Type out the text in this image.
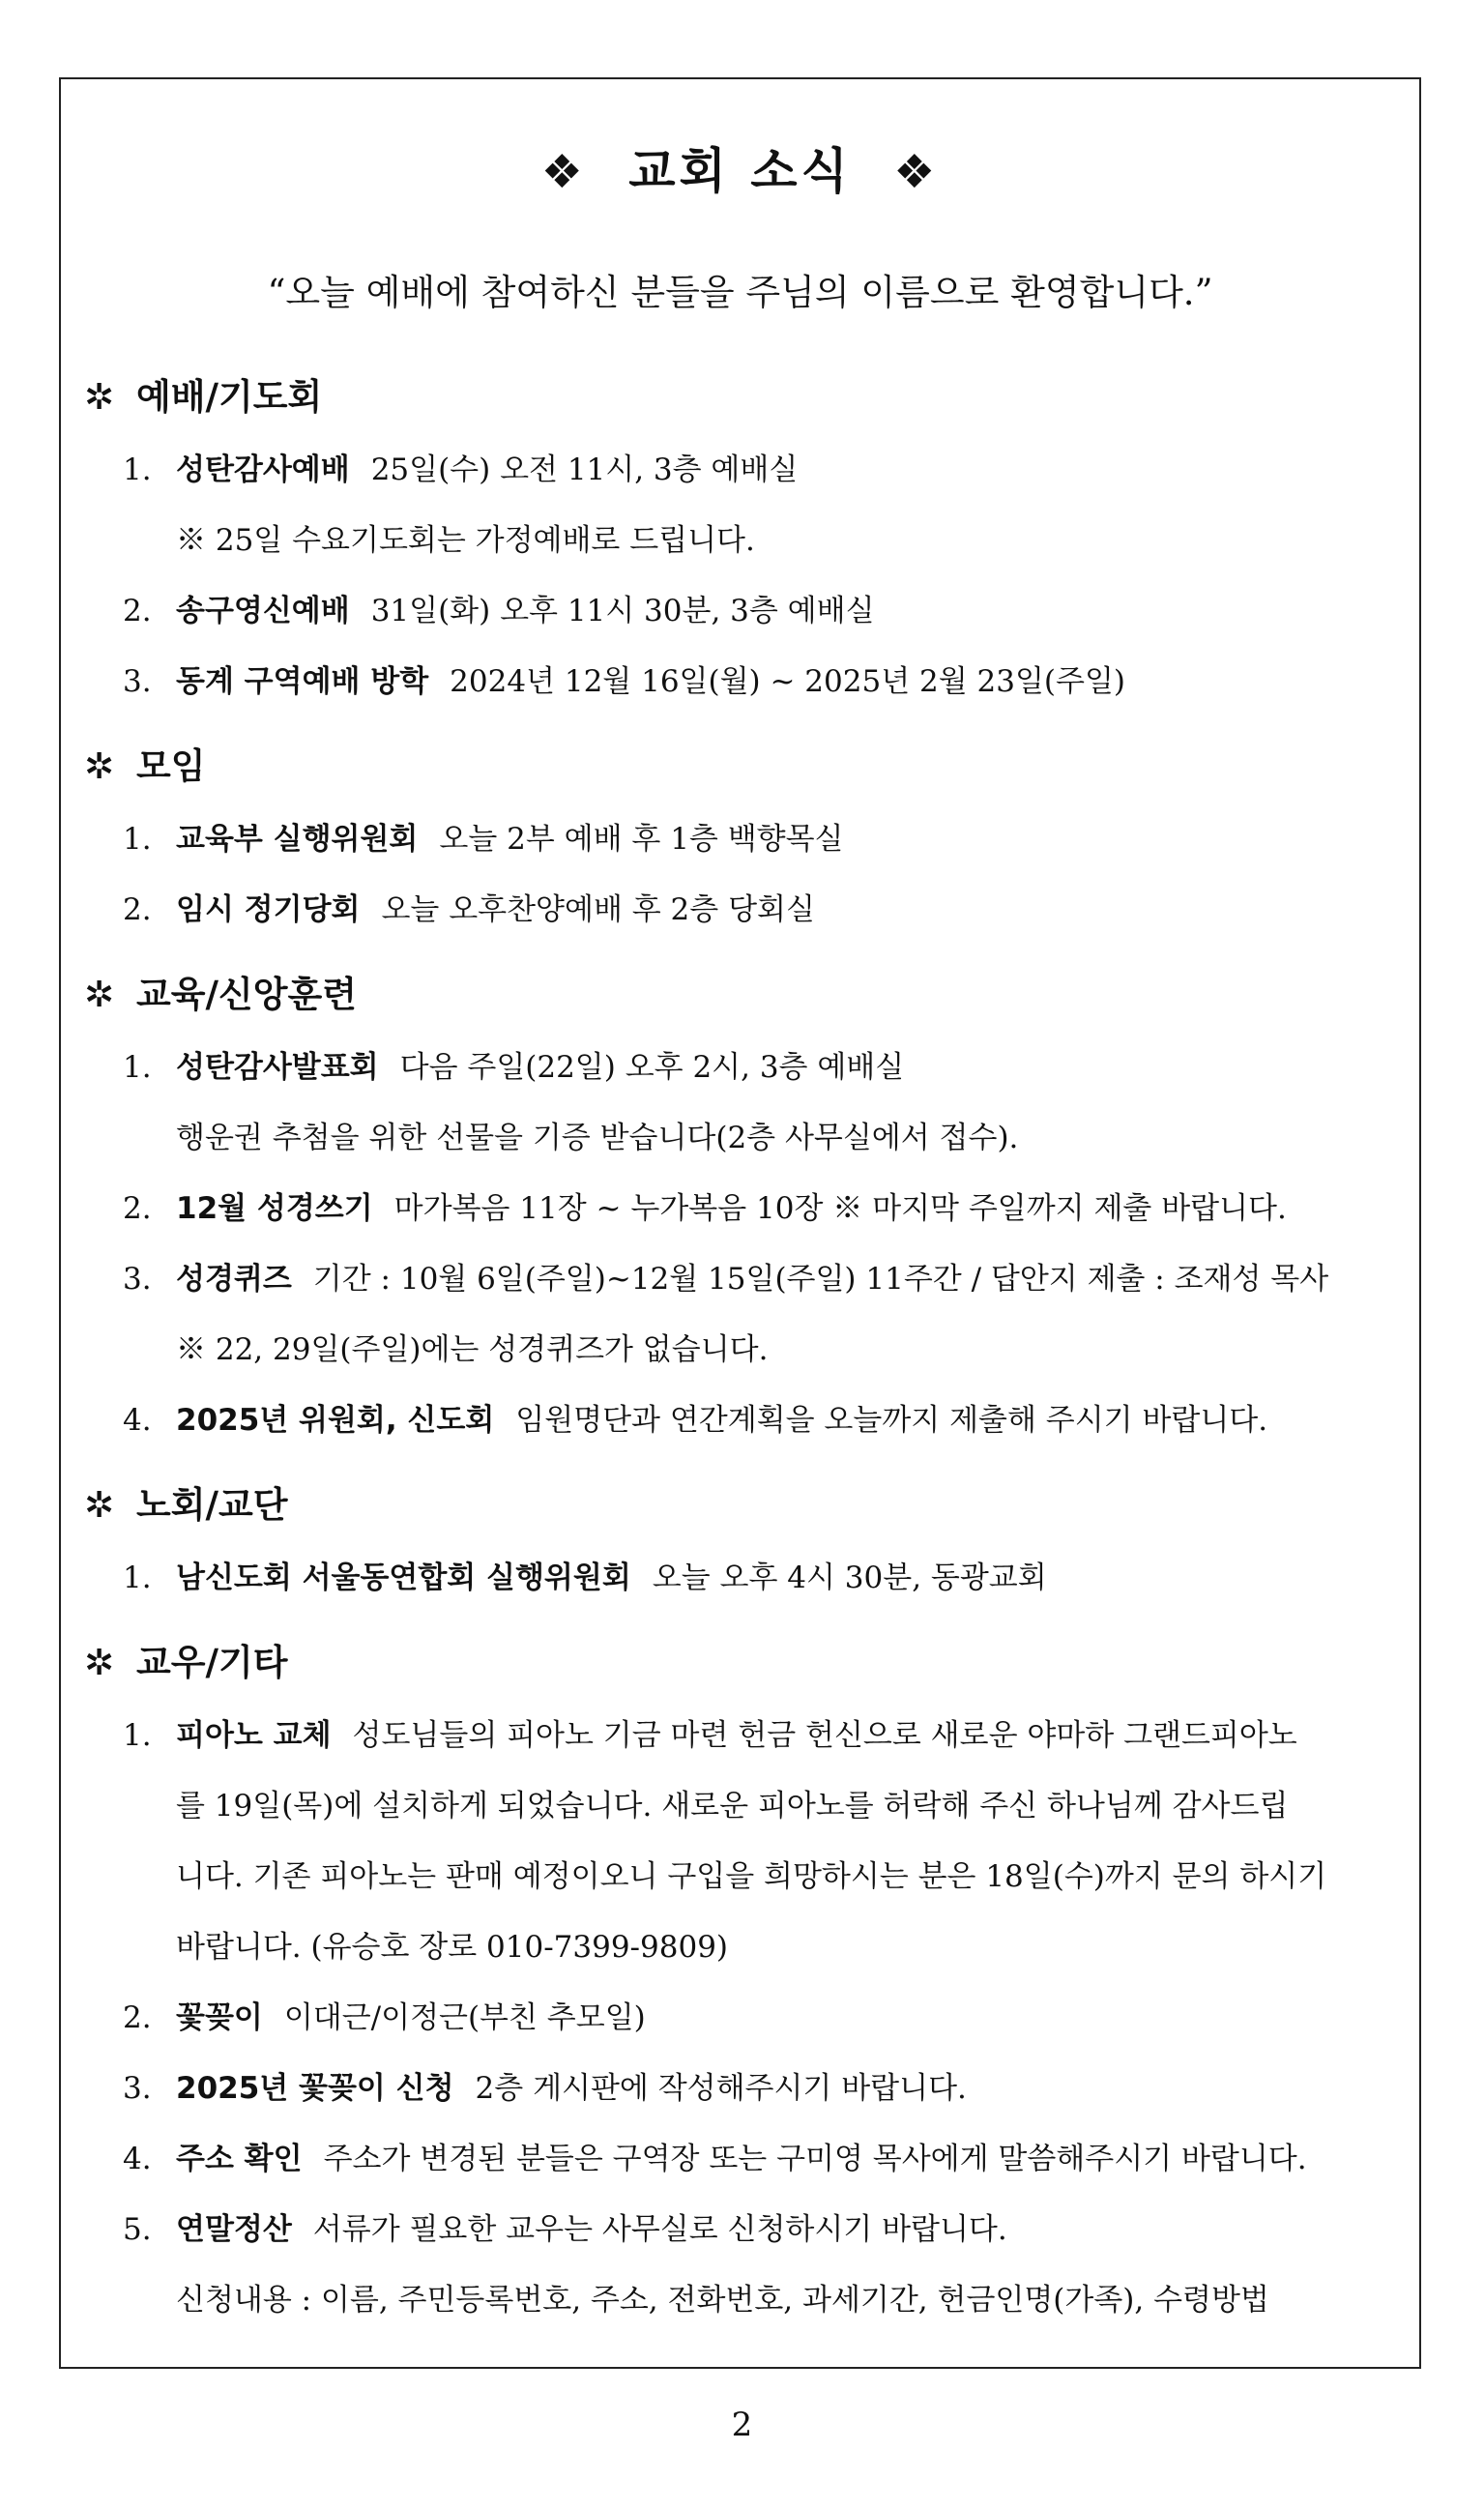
❖ 교회 소식 ❖
“오늘 예배에 참여하신 분들을 주님의 이름으로 환영합니다.”
✲ 예배/기도회
1. 성탄감사예배 25일(수) 오전 11시, 3층 예배실
※ 25일 수요기도회는 가정예배로 드립니다.
2. 송구영신예배 31일(화) 오후 11시 30분, 3층 예배실
3. 동계 구역예배 방학 2024년 12월 16일(월) ~ 2025년 2월 23일(주일)
✲ 모임
1. 교육부 실행위원회 오늘 2부 예배 후 1층 백향목실
2. 임시 정기당회 오늘 오후찬양예배 후 2층 당회실
✲ 교육/신앙훈련
1. 성탄감사발표회 다음 주일(22일) 오후 2시, 3층 예배실
행운권 추첨을 위한 선물을 기증 받습니다(2층 사무실에서 접수).
2. 12월 성경쓰기 마가복음 11장 ~ 누가복음 10장 ※ 마지막 주일까지 제출 바랍니다.
3. 성경퀴즈 기간 : 10월 6일(주일)~12월 15일(주일) 11주간 / 답안지 제출 : 조재성 목사
※ 22, 29일(주일)에는 성경퀴즈가 없습니다.
4. 2025년 위원회, 신도회 임원명단과 연간계획을 오늘까지 제출해 주시기 바랍니다.
✲ 노회/교단
1. 남신도회 서울동연합회 실행위원회 오늘 오후 4시 30분, 동광교회
✲ 교우/기타
1. 피아노 교체 성도님들의 피아노 기금 마련 헌금 헌신으로 새로운 야마하 그랜드피아노
를 19일(목)에 설치하게 되었습니다. 새로운 피아노를 허락해 주신 하나님께 감사드립
니다. 기존 피아노는 판매 예정이오니 구입을 희망하시는 분은 18일(수)까지 문의 하시기
바랍니다. (유승호 장로 010-7399-9809)
2. 꽃꽂이 이대근/이정근(부친 추모일)
3. 2025년 꽃꽂이 신청 2층 게시판에 작성해주시기 바랍니다.
4. 주소 확인 주소가 변경된 분들은 구역장 또는 구미영 목사에게 말씀해주시기 바랍니다.
5. 연말정산 서류가 필요한 교우는 사무실로 신청하시기 바랍니다.
신청내용 : 이름, 주민등록번호, 주소, 전화번호, 과세기간, 헌금인명(가족), 수령방법
2
